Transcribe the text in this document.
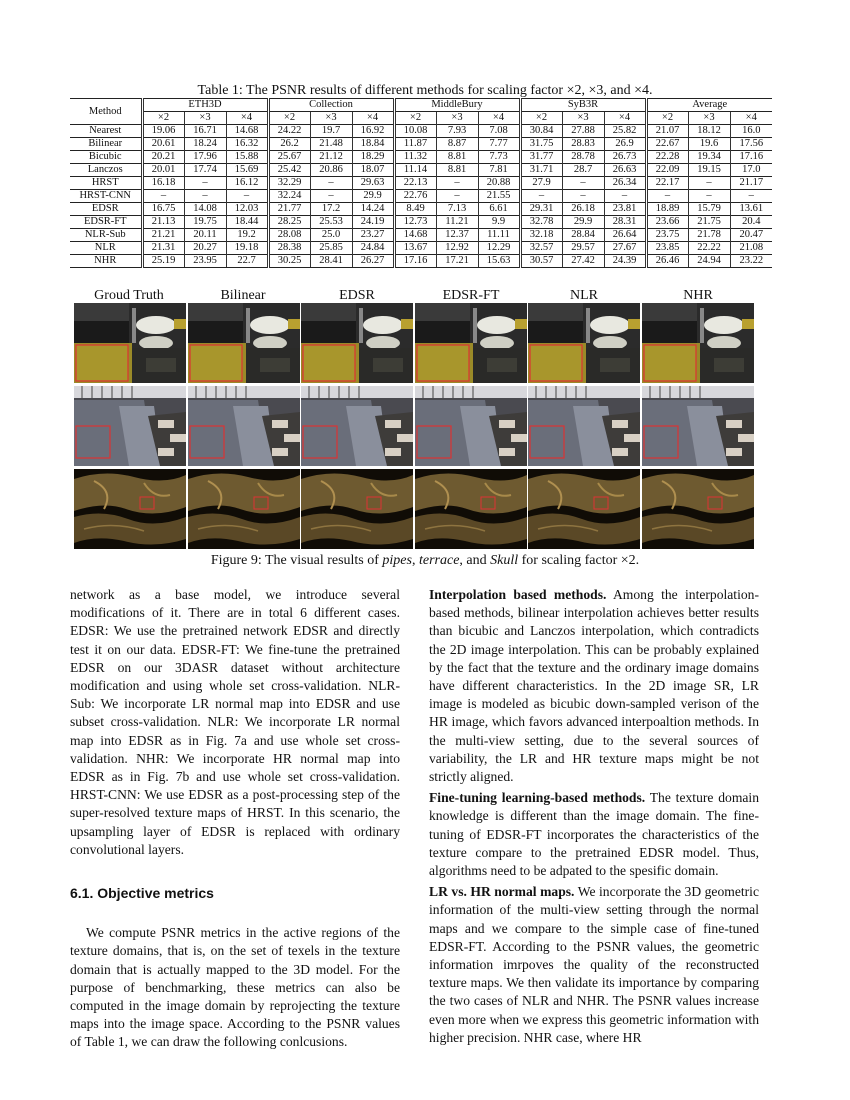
Table 1: The PSNR results of different methods for scaling factor ×2, ×3, and ×4.
Method	ETH3D			Collection			MiddleBury			SyB3R			Average		
	×2	×3	×4	×2	×3	×4	×2	×3	×4	×2	×3	×4	×2	×3	×4
Nearest	19.06	16.71	14.68	24.22	19.7	16.92	10.08	7.93	7.08	30.84	27.88	25.82	21.07	18.12	16.0
Bilinear	20.61	18.24	16.32	26.2	21.48	18.84	11.87	8.87	7.77	31.75	28.83	26.9	22.67	19.6	17.56
Bicubic	20.21	17.96	15.88	25.67	21.12	18.29	11.32	8.81	7.73	31.77	28.78	26.73	22.28	19.34	17.16
Lanczos	20.01	17.74	15.69	25.42	20.86	18.07	11.14	8.81	7.81	31.71	28.7	26.63	22.09	19.15	17.0
HRST	16.18	–	16.12	32.29	–	29.63	22.13	–	20.88	27.9	–	26.34	22.17	–	21.17
HRST-CNN	–	–	–	32.24	–	29.9	22.76	–	21.55	–	–	–	–	–	–
EDSR	16.75	14.08	12.03	21.77	17.2	14.24	8.49	7.13	6.61	29.31	26.18	23.81	18.89	15.79	13.61
EDSR-FT	21.13	19.75	18.44	28.25	25.53	24.19	12.73	11.21	9.9	32.78	29.9	28.31	23.66	21.75	20.4
NLR-Sub	21.21	20.11	19.2	28.08	25.0	23.27	14.68	12.37	11.11	32.18	28.84	26.64	23.75	21.78	20.47
NLR	21.31	20.27	19.18	28.38	25.85	24.84	13.67	12.92	12.29	32.57	29.57	27.67	23.85	22.22	21.08
NHR	25.19	23.95	22.7	30.25	28.41	26.27	17.16	17.21	15.63	30.57	27.42	24.39	26.46	24.94	23.22
Groud Truth	Bilinear	EDSR	EDSR-FT	NLR	NHR
Figure 9: The visual results of pipes, terrace, and Skull for scaling factor ×2.

network as a base model, we introduce several modifications of it. There are in total 6 different cases. EDSR: We use the pretrained network EDSR and directly test it on our data. EDSR-FT: We fine-tune the pretrained EDSR on our 3DASR dataset without architecture modification and using whole set cross-validation. NLR-Sub: We incorporate LR normal map into EDSR and use subset cross-validation. NLR: We incorporate LR normal map into EDSR as in Fig. 7a and use whole set cross-validation. NHR: We incorporate HR normal map into EDSR as in Fig. 7b and use whole set cross-validation. HRST-CNN: We use EDSR as a post-processing step of the super-resolved texture maps of HRST. In this scenario, the upsampling layer of EDSR is replaced with ordinary convolutional layers.

6.1. Objective metrics

We compute PSNR metrics in the active regions of the texture domains, that is, on the set of texels in the texture domain that is actually mapped to the 3D model. For the purpose of benchmarking, these metrics can also be computed in the image domain by reprojecting the texture maps into the image space. According to the PSNR values of Table 1, we can draw the following conlcusions.

Interpolation based methods. Among the interpolation-based methods, bilinear interpolation achieves better results than bicubic and Lanczos interpolation, which contradicts the 2D image interpolation. This can be probably explained by the fact that the texture and the ordinary image domains have different characteristics. In the 2D image SR, LR image is modeled as bicubic down-sampled verison of the HR image, which favors advanced interpoaltion methods. In the multi-view setting, due to the several sources of variability, the LR and HR texture maps might be not strictly aligned.

Fine-tuning learning-based methods. The texture domain knowledge is different than the image domain. The fine-tuning of EDSR-FT incorporates the characteristics of the texture compare to the pretrained EDSR model. Thus, algorithms need to be adpated to the spesific domain.

LR vs. HR normal maps. We incorporate the 3D geometric information of the multi-view setting through the normal maps and we compare to the simple case of fine-tuned EDSR-FT. According to the PSNR values, the geometric information imrpoves the quality of the reconstructed texture maps. We then validate its importance by comparing the two cases of NLR and NHR. The PSNR values increase even more when we express this geometric information with higher precision. NHR case, where HR
